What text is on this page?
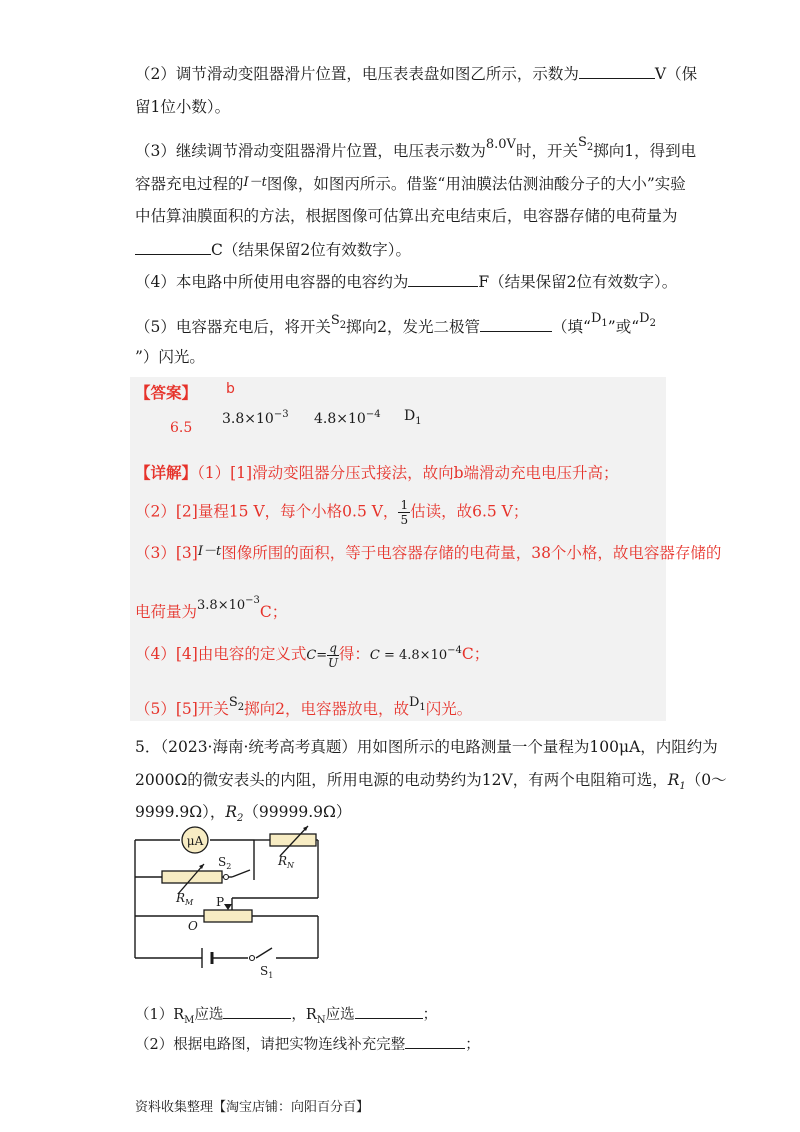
（2）调节滑动变阻器滑片位置，电压表表盘如图乙所示，示数为	V（保
留1位小数）。
（3）继续调节滑动变阻器滑片位置，电压表示数为$^{8.0V}$时，开关$^{S_2}$掷向1，得到电
容器充电过程的I－t图像，如图丙所示。借鉴“用油膜法估测油酸分子的大小”实验
中估算油膜面积的方法，根据图像可估算出充电结束后，电容器存储的电荷量为
C（结果保留2位有效数字）。
（4）本电路中所使用电容器的电容约为	F（结果保留2位有效数字）。
（5）电容器充电后，将开关$^{S_2}$掷向2，发光二极管	（填“$^{D_1}$”或“$^{D_2}$
”）闪光。
【答案】 b
6.5
$3.8\times 10^{-3}$ $4.8\times 10^{-4}$ $D_1$
【详解】（1）[1]滑动变阻器分压式接法，故向b端滑动充电电压升高；
（2）[2]量程15 V，每个小格0.5 V， $\frac{1}{5}$ 估读，故6.5 V；
（3）[3]I－t图像所围的面积，等于电容器存储的电荷量，38个小格，故电容器存储的
电荷量为$^{3.8\times 10^{-3}}$C；
（4）[4]由电容的定义式$C= \frac{q}{U}$ 得：$C = 4.8\times 10^{-4}C$；
（5）[5]开关$^{S_2}$掷向2，电容器放电，故$^{D_1}$闪光。
5．（2023·海南·统考高考真题）用如图所示的电路测量一个量程为100μA，内阻约为
2000Ω的微安表头的内阻，所用电源的电动势约为12V，有两个电阻箱可选，$R_1(0\sim$
9999.9Ω），$R_2(99999.9\Omega)$
μA
$R_N$
$R_M$
$S_2$
P
O
$S_1$
$(1)R_M$应选	，$R_N$应选	；
（2）根据电路图，请把实物连线补充完整	；
资料收集整理【淘宝店铺：向阳百分百】
